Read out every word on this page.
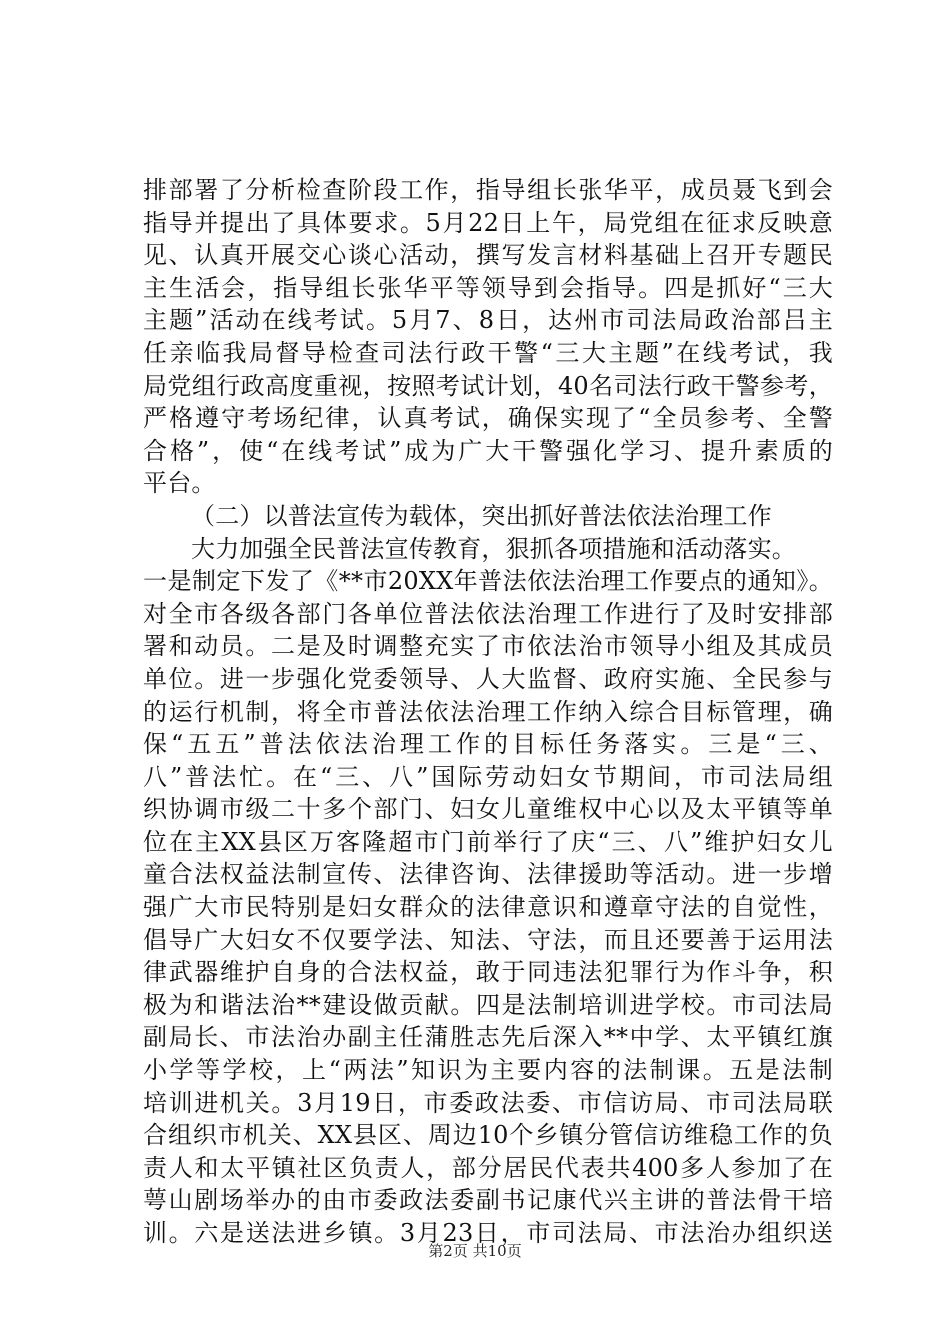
排部署了分析检查阶段工作，指导组长张华平，成员聂飞到会
指导并提出了具体要求。5月22日上午，局党组在征求反映意
见、认真开展交心谈心活动，撰写发言材料基础上召开专题民
主生活会，指导组长张华平等领导到会指导。四是抓好“三大
主题”活动在线考试。5月7、8日，达州市司法局政治部吕主
任亲临我局督导检查司法行政干警“三大主题”在线考试，我
局党组行政高度重视，按照考试计划，40名司法行政干警参考，
严格遵守考场纪律，认真考试，确保实现了“全员参考、全警
合格”，使“在线考试”成为广大干警强化学习、提升素质的
平台。
（二）以普法宣传为载体，突出抓好普法依法治理工作
大力加强全民普法宣传教育，狠抓各项措施和活动落实。
一是制定下发了《**市20XX年普法依法治理工作要点的通知》。
对全市各级各部门各单位普法依法治理工作进行了及时安排部
署和动员。二是及时调整充实了市依法治市领导小组及其成员
单位。进一步强化党委领导、人大监督、政府实施、全民参与
的运行机制，将全市普法依法治理工作纳入综合目标管理，确
保“五五”普法依法治理工作的目标任务落实。三是“三、
八”普法忙。在“三、八”国际劳动妇女节期间，市司法局组
织协调市级二十多个部门、妇女儿童维权中心以及太平镇等单
位在主XX县区万客隆超市门前举行了庆“三、八”维护妇女儿
童合法权益法制宣传、法律咨询、法律援助等活动。进一步增
强广大市民特别是妇女群众的法律意识和遵章守法的自觉性，
倡导广大妇女不仅要学法、知法、守法，而且还要善于运用法
律武器维护自身的合法权益，敢于同违法犯罪行为作斗争，积
极为和谐法治**建设做贡献。四是法制培训进学校。市司法局
副局长、市法治办副主任蒲胜志先后深入**中学、太平镇红旗
小学等学校，上“两法”知识为主要内容的法制课。五是法制
培训进机关。3月19日，市委政法委、市信访局、市司法局联
合组织市机关、XX县区、周边10个乡镇分管信访维稳工作的负
责人和太平镇社区负责人，部分居民代表共400多人参加了在
萼山剧场举办的由市委政法委副书记康代兴主讲的普法骨干培
训。六是送法进乡镇。3月23日，市司法局、市法治办组织送
第2页 共10页
